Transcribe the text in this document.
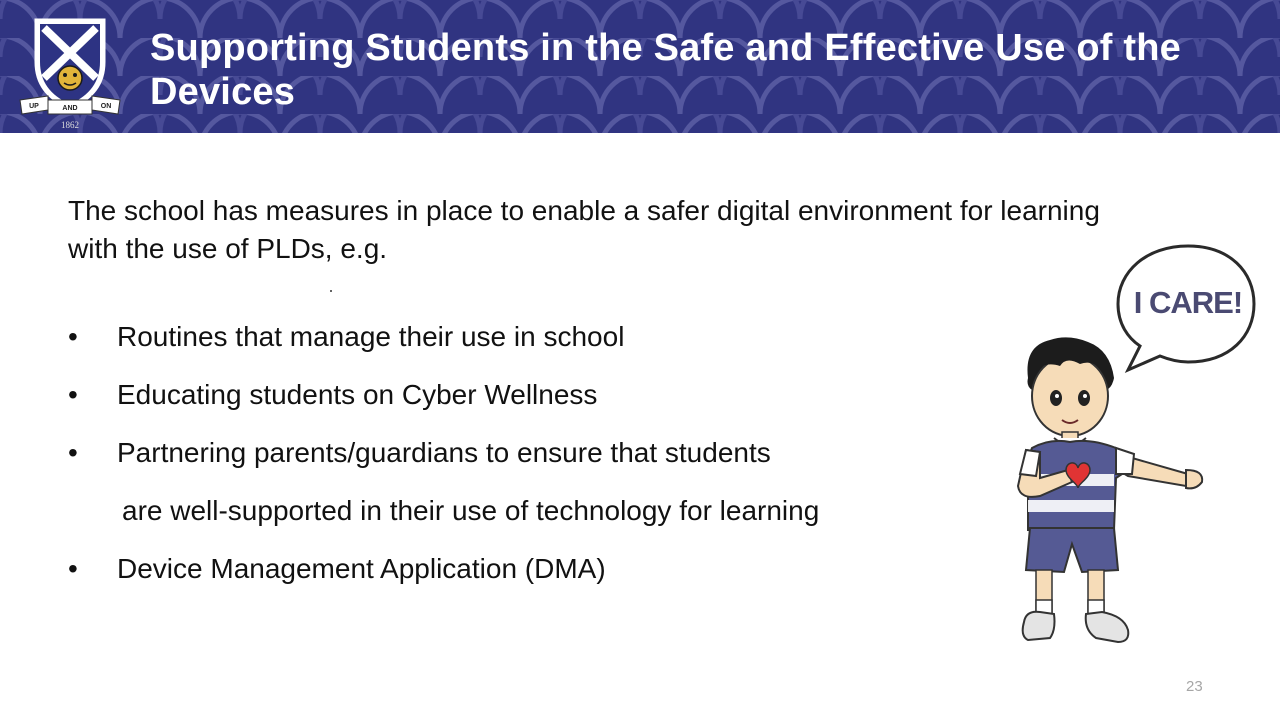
UP	AND	ON
1862
Supporting Students in the Safe and Effective Use of the Devices

The school has measures in place to enable a safer digital environment for learning with the use of PLDs, e.g.

• Routines that manage their use in school
• Educating students on Cyber Wellness
• Partnering parents/guardians to ensure that students
are well-supported in their use of technology for learning
• Device Management Application (DMA)
I CARE!
23
